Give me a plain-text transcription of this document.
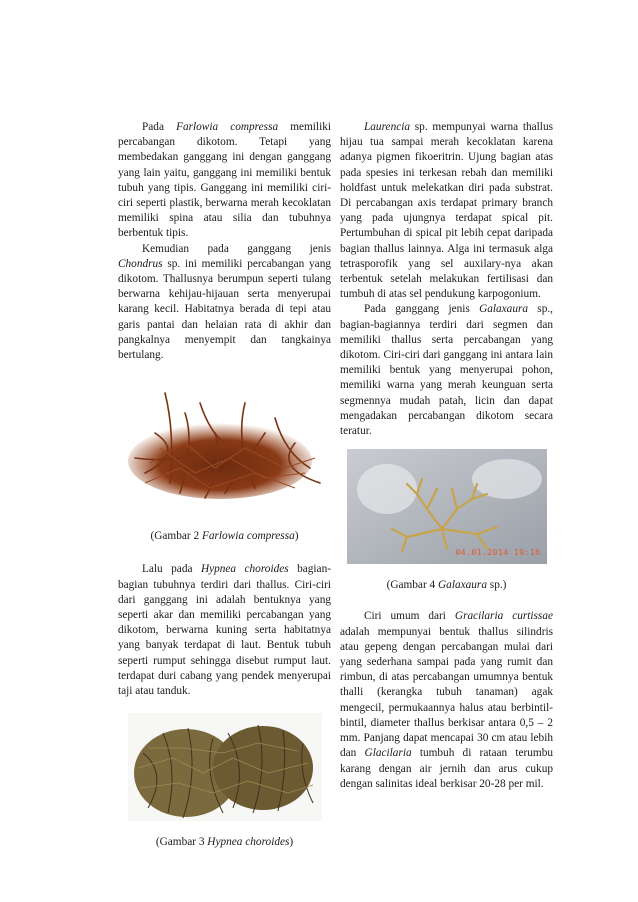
Pada Farlowia compressa memiliki percabangan dikotom. Tetapi yang membedakan ganggang ini dengan ganggang yang lain yaitu, ganggang ini memiliki bentuk tubuh yang tipis. Ganggang ini memiliki ciri-ciri seperti plastik, berwarna merah kecoklatan memiliki spina atau silia dan tubuhnya berbentuk tipis.

Kemudian pada ganggang jenis Chondrus sp. ini memiliki percabangan yang dikotom. Thallusnya berumpun seperti tulang berwarna kehijau-hijauan serta menyerupai karang kecil. Habitatnya berada di tepi atau garis pantai dan helaian rata di akhir dan pangkalnya menyempit dan tangkainya bertulang.

(Gambar 2 Farlowia compressa)

Lalu pada Hypnea choroides bagian-bagian tubuhnya terdiri dari thallus. Ciri-ciri dari ganggang ini adalah bentuknya yang seperti akar dan memiliki percabangan yang dikotom, berwarna kuning serta habitatnya yang banyak terdapat di laut. Bentuk tubuh seperti rumput sehingga disebut rumput laut. terdapat duri cabang yang pendek menyerupai taji atau tanduk.

(Gambar 3 Hypnea choroides)

Laurencia sp. mempunyai warna thallus hijau tua sampai merah kecoklatan karena adanya pigmen fikoeritrin. Ujung bagian atas pada spesies ini terkesan rebah dan memiliki holdfast untuk melekatkan diri pada substrat. Di percabangan axis terdapat primary branch yang pada ujungnya terdapat spical pit. Pertumbuhan di spical pit lebih cepat daripada bagian thallus lainnya. Alga ini termasuk alga tetrasporofik yang sel auxilary-nya akan terbentuk setelah melakukan fertilisasi dan tumbuh di atas sel pendukung karpogonium.

Pada ganggang jenis Galaxaura sp., bagian-bagiannya terdiri dari segmen dan memiliki thallus serta percabangan yang dikotom. Ciri-ciri dari ganggang ini antara lain memiliki bentuk yang menyerupai pohon, memiliki warna yang merah keunguan serta segmennya mudah patah, licin dan dapat mengadakan percabangan dikotom secara teratur.

04.01.2014 19:16

(Gambar 4 Galaxaura sp.)

Ciri umum dari Gracilaria curtissae adalah mempunyai bentuk thallus silindris atau gepeng dengan percabangan mulai dari yang sederhana sampai pada yang rumit dan rimbun, di atas percabangan umumnya bentuk thalli (kerangka tubuh tanaman) agak mengecil, permukaannya halus atau berbintil-bintil, diameter thallus berkisar antara 0,5 – 2 mm. Panjang dapat mencapai 30 cm atau lebih dan Glacilaria tumbuh di rataan terumbu karang dengan air jernih dan arus cukup dengan salinitas ideal berkisar 20-28 per mil.
